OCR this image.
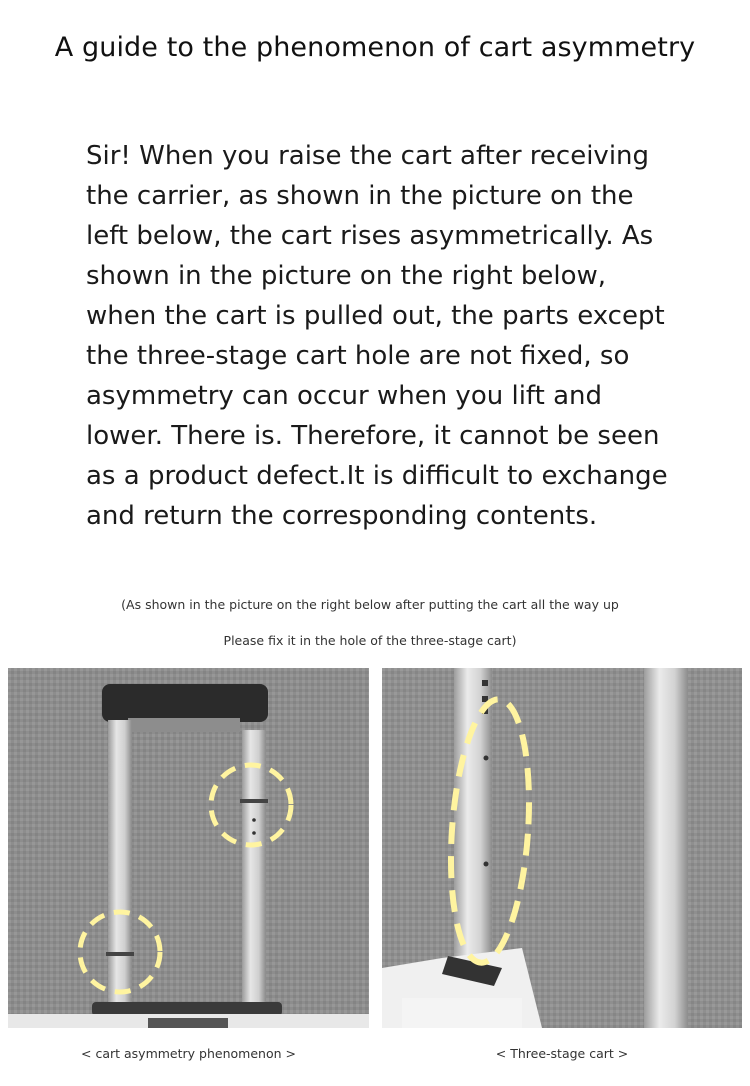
A guide to the phenomenon of cart asymmetry
Sir! When you raise the cart after receiving the carrier, as shown in the picture on the left below, the cart rises asymmetrically. As shown in the picture on the right below, when the cart is pulled out, the parts except the three-stage cart hole are not fixed, so asymmetry can occur when you lift and lower. There is. Therefore, it cannot be seen as a product defect.It is difficult to exchange and return the corresponding contents.
(As shown in the picture on the right below after putting the cart all the way up
Please fix it in the hole of the three-stage cart)
< cart asymmetry phenomenon >	< Three-stage cart >
